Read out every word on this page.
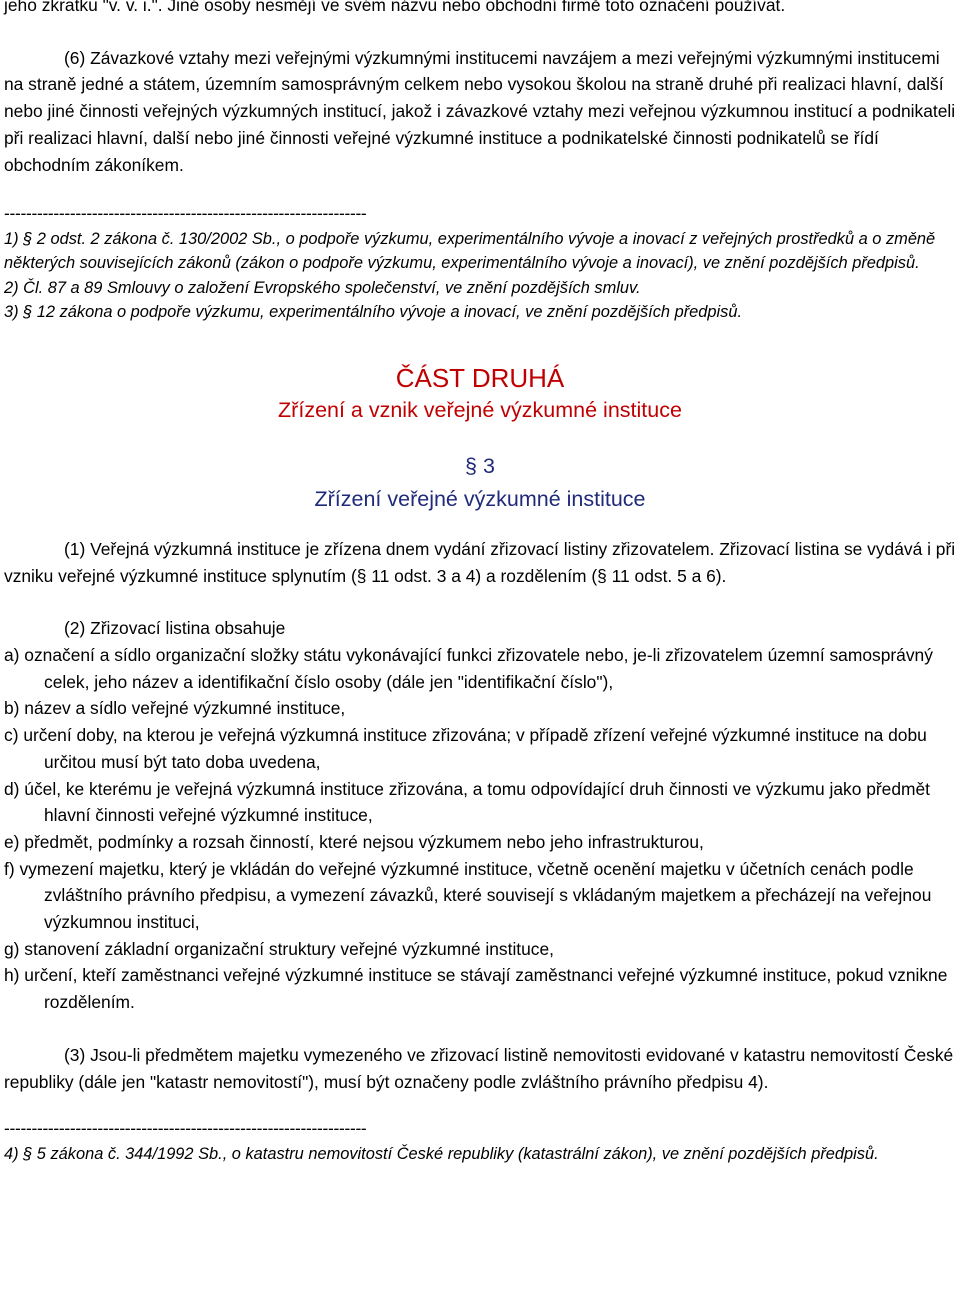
jeho zkratku "v. v. i.". Jiné osoby nesmějí ve svém názvu nebo obchodní firmě toto označení používat.

(6) Závazkové vztahy mezi veřejnými výzkumnými institucemi navzájem a mezi veřejnými výzkumnými institucemi na straně jedné a státem, územním samosprávným celkem nebo vysokou školou na straně druhé při realizaci hlavní, další nebo jiné činnosti veřejných výzkumných institucí, jakož i závazkové vztahy mezi veřejnou výzkumnou institucí a podnikateli při realizaci hlavní, další nebo jiné činnosti veřejné výzkumné instituce a podnikatelské činnosti podnikatelů se řídí obchodním zákoníkem.

------------------------------------------------------------------

1) § 2 odst. 2 zákona č. 130/2002 Sb., o podpoře výzkumu, experimentálního vývoje a inovací z veřejných prostředků a o změně některých souvisejících zákonů (zákon o podpoře výzkumu, experimentálního vývoje a inovací), ve znění pozdějších předpisů.

2) Čl. 87 a 89 Smlouvy o založení Evropského společenství, ve znění pozdějších smluv.

3) § 12 zákona o podpoře výzkumu, experimentálního vývoje a inovací, ve znění pozdějších předpisů.

ČÁST DRUHÁ
Zřízení a vznik veřejné výzkumné instituce
§ 3
Zřízení veřejné výzkumné instituce

(1) Veřejná výzkumná instituce je zřízena dnem vydání zřizovací listiny zřizovatelem. Zřizovací listina se vydává i při vzniku veřejné výzkumné instituce splynutím (§ 11 odst. 3 a 4) a rozdělením (§ 11 odst. 5 a 6).

(2) Zřizovací listina obsahuje

a) označení a sídlo organizační složky státu vykonávající funkci zřizovatele nebo, je-li zřizovatelem územní samosprávný celek, jeho název a identifikační číslo osoby (dále jen "identifikační číslo"),
b) název a sídlo veřejné výzkumné instituce,
c) určení doby, na kterou je veřejná výzkumná instituce zřizována; v případě zřízení veřejné výzkumné instituce na dobu určitou musí být tato doba uvedena,
d) účel, ke kterému je veřejná výzkumná instituce zřizována, a tomu odpovídající druh činnosti ve výzkumu jako předmět hlavní činnosti veřejné výzkumné instituce,
e) předmět, podmínky a rozsah činností, které nejsou výzkumem nebo jeho infrastrukturou,
f) vymezení majetku, který je vkládán do veřejné výzkumné instituce, včetně ocenění majetku v účetních cenách podle zvláštního právního předpisu, a vymezení závazků, které souvisejí s vkládaným majetkem a přecházejí na veřejnou výzkumnou instituci,
g) stanovení základní organizační struktury veřejné výzkumné instituce,
h) určení, kteří zaměstnanci veřejné výzkumné instituce se stávají zaměstnanci veřejné výzkumné instituce, pokud vznikne rozdělením.

(3) Jsou-li předmětem majetku vymezeného ve zřizovací listině nemovitosti evidované v katastru nemovitostí České republiky (dále jen "katastr nemovitostí"), musí být označeny podle zvláštního právního předpisu 4).

------------------------------------------------------------------

4) § 5 zákona č. 344/1992 Sb., o katastru nemovitostí České republiky (katastrální zákon), ve znění pozdějších předpisů.
